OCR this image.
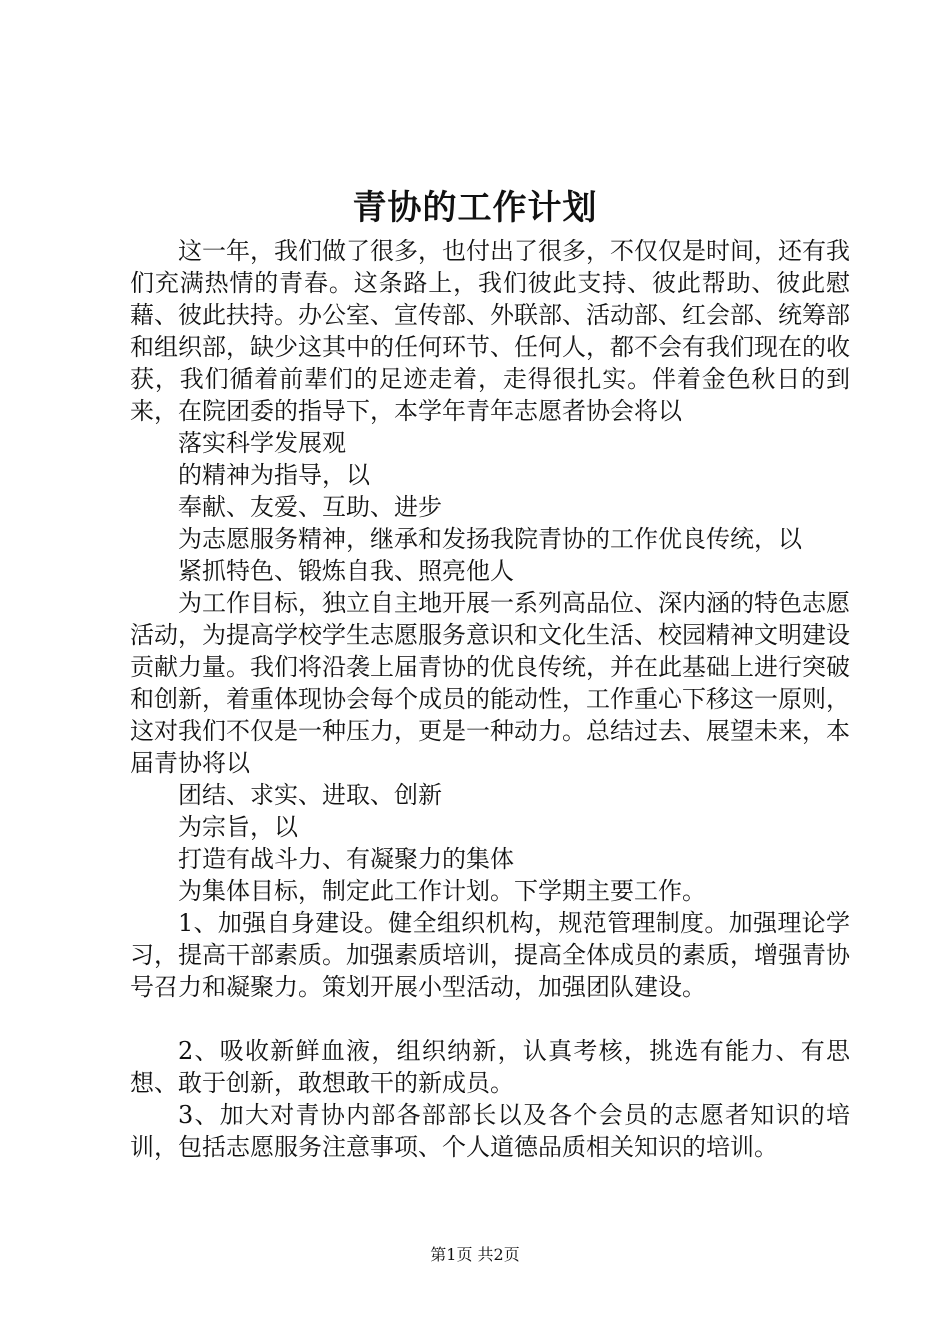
青协的工作计划

这一年，我们做了很多，也付出了很多，不仅仅是时间，还有我们充满热情的青春。这条路上，我们彼此支持、彼此帮助、彼此慰藉、彼此扶持。办公室、宣传部、外联部、活动部、红会部、统筹部和组织部，缺少这其中的任何环节、任何人，都不会有我们现在的收获，我们循着前辈们的足迹走着，走得很扎实。伴着金色秋日的到来，在院团委的指导下，本学年青年志愿者协会将以

落实科学发展观

的精神为指导，以

奉献、友爱、互助、进步

为志愿服务精神，继承和发扬我院青协的工作优良传统，以

紧抓特色、锻炼自我、照亮他人

为工作目标，独立自主地开展一系列高品位、深内涵的特色志愿活动，为提高学校学生志愿服务意识和文化生活、校园精神文明建设贡献力量。我们将沿袭上届青协的优良传统，并在此基础上进行突破和创新，着重体现协会每个成员的能动性，工作重心下移这一原则，这对我们不仅是一种压力，更是一种动力。总结过去、展望未来，本届青协将以

团结、求实、进取、创新

为宗旨，以

打造有战斗力、有凝聚力的集体

为集体目标，制定此工作计划。下学期主要工作。

1、加强自身建设。健全组织机构，规范管理制度。加强理论学习，提高干部素质。加强素质培训，提高全体成员的素质，增强青协号召力和凝聚力。策划开展小型活动，加强团队建设。

2、吸收新鲜血液，组织纳新，认真考核，挑选有能力、有思想、敢于创新，敢想敢干的新成员。

3、加大对青协内部各部部长以及各个会员的志愿者知识的培训，包括志愿服务注意事项、个人道德品质相关知识的培训。

第1页 共2页
